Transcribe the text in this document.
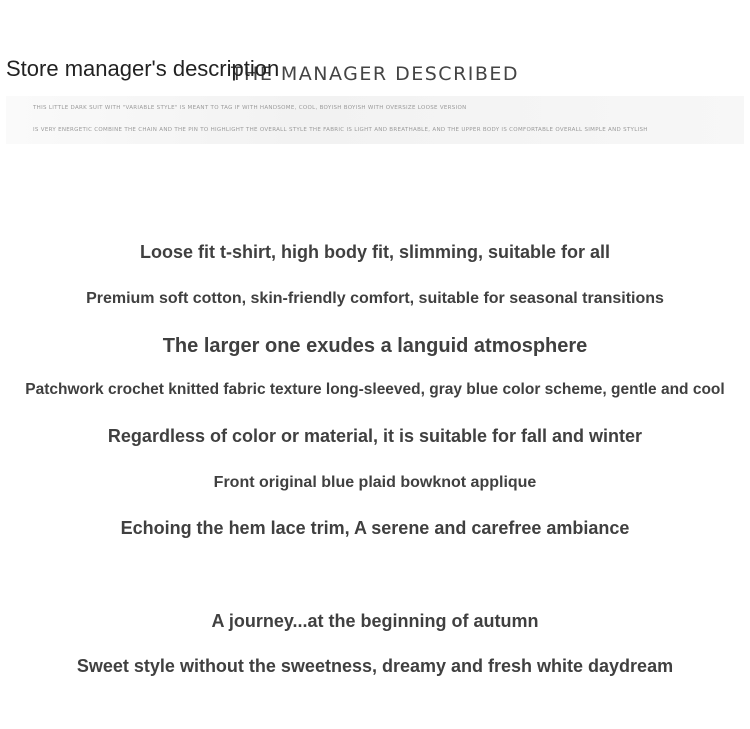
THE MANAGER DESCRIBED
Store manager's description
THIS LITTLE DARK SUIT WITH "VARIABLE STYLE" IS MEANT TO TAG IF WITH HANDSOME, COOL, BOYISH BOYISH WITH OVERSIZE LOOSE VERSION
IS VERY ENERGETIC COMBINE THE CHAIN AND THE PIN TO HIGHLIGHT THE OVERALL STYLE THE FABRIC IS LIGHT AND BREATHABLE, AND THE UPPER BODY IS COMFORTABLE OVERALL SIMPLE AND STYLISH
Loose fit t-shirt, high body fit, slimming, suitable for all
Premium soft cotton, skin-friendly comfort, suitable for seasonal transitions
The larger one exudes a languid atmosphere
Patchwork crochet knitted fabric texture long-sleeved, gray blue color scheme, gentle and cool
Regardless of color or material, it is suitable for fall and winter
Front original blue plaid bowknot applique
Echoing the hem lace trim, A serene and carefree ambiance
A journey...at the beginning of autumn
Sweet style without the sweetness, dreamy and fresh white daydream
